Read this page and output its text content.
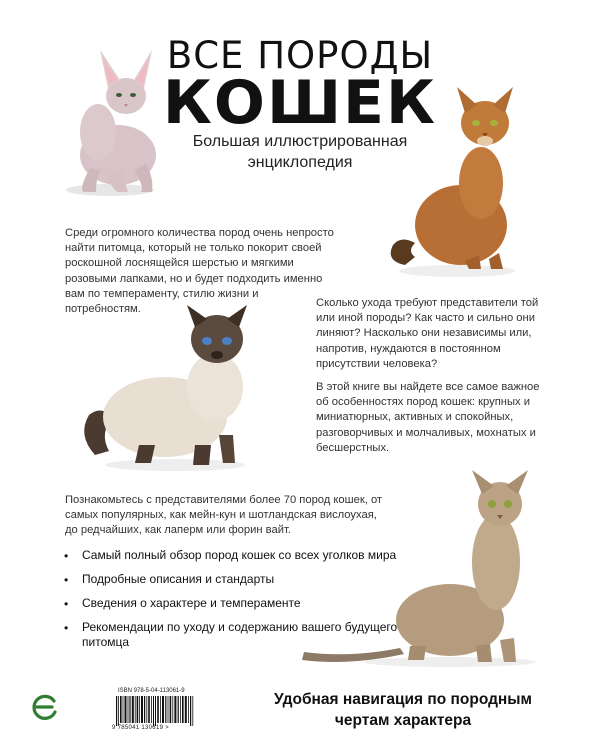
ВСЕ ПОРОДЫ
КОШЕК
Большая иллюстрированная
энциклопедия
Среди огромного количества пород очень непросто найти питомца, который не только покорит своей роскошной лоснящейся шерстью и мягкими розовыми лапками, но и будет подходить именно вам по темпераменту, стилю жизни и потребностям.
Сколько ухода требуют представители той или иной породы? Как часто и сильно они линяют? Насколько они независимы или, напротив, нуждаются в постоянном присутствии человека?
В этой книге вы найдете все самое важное об особенностях пород кошек: крупных и миниатюрных, активных и спокойных, разговорчивых и молчаливых, мохнатых и бесшерстных.
Познакомьтесь с представителями более 70 пород кошек, от самых популярных, как мейн-кун и шотландская вислоухая, до редчайших, как лаперм или форин вайт.
• Самый полный обзор пород кошек со всех уголков мира
• Подробные описания и стандарты
• Сведения о характере и темпераменте
• Рекомендации по уходу и содержанию вашего будущего питомца
ISBN 978-5-04-113061-9
9 785041 130619 >
Удобная навигация по породным
чертам характера
